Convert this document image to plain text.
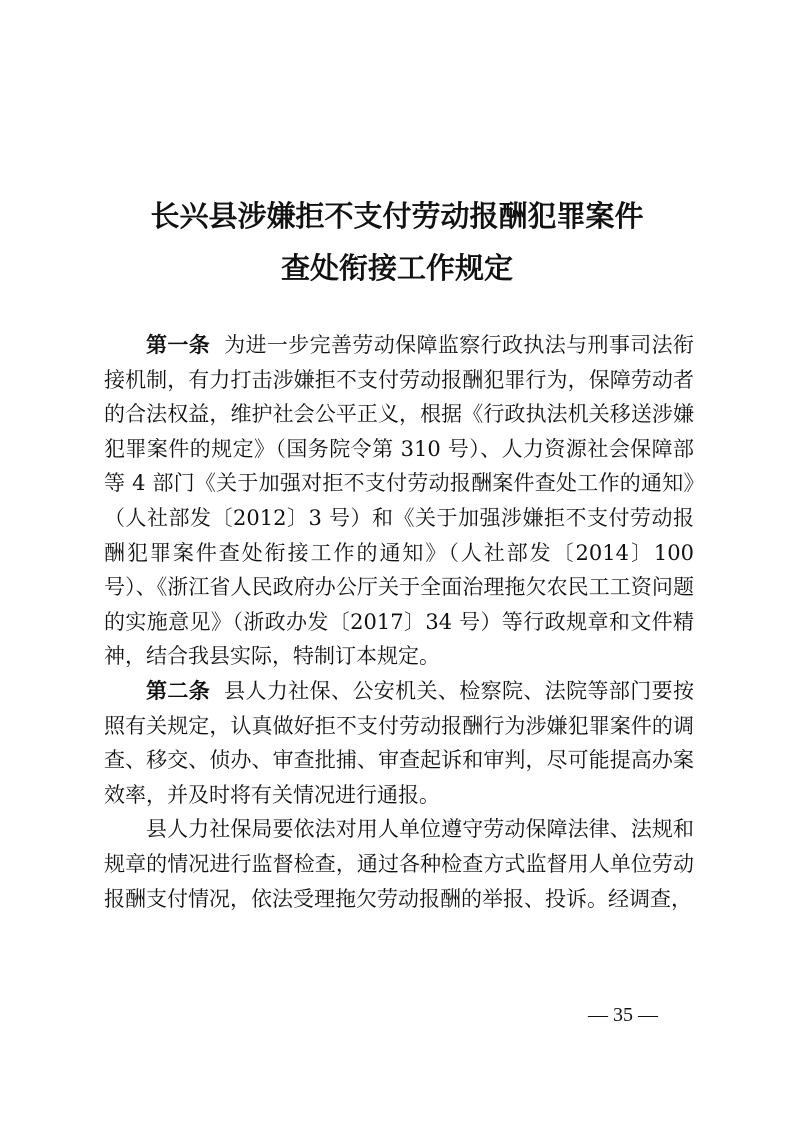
长兴县涉嫌拒不支付劳动报酬犯罪案件
查处衔接工作规定

第一条 为进一步完善劳动保障监察行政执法与刑事司法衔接机制，有力打击涉嫌拒不支付劳动报酬犯罪行为，保障劳动者的合法权益，维护社会公平正义，根据《行政执法机关移送涉嫌犯罪案件的规定》（国务院令第 310 号）、人力资源社会保障部等 4 部门《关于加强对拒不支付劳动报酬案件查处工作的通知》（人社部发〔2012〕3 号）和《关于加强涉嫌拒不支付劳动报酬犯罪案件查处衔接工作的通知》（人社部发〔2014〕100 号）、《浙江省人民政府办公厅关于全面治理拖欠农民工工资问题的实施意见》（浙政办发〔2017〕34 号）等行政规章和文件精神，结合我县实际，特制订本规定。

第二条 县人力社保、公安机关、检察院、法院等部门要按照有关规定，认真做好拒不支付劳动报酬行为涉嫌犯罪案件的调查、移交、侦办、审查批捕、审查起诉和审判，尽可能提高办案效率，并及时将有关情况进行通报。

县人力社保局要依法对用人单位遵守劳动保障法律、法规和规章的情况进行监督检查，通过各种检查方式监督用人单位劳动报酬支付情况，依法受理拖欠劳动报酬的举报、投诉。经调查，

— 35 —
